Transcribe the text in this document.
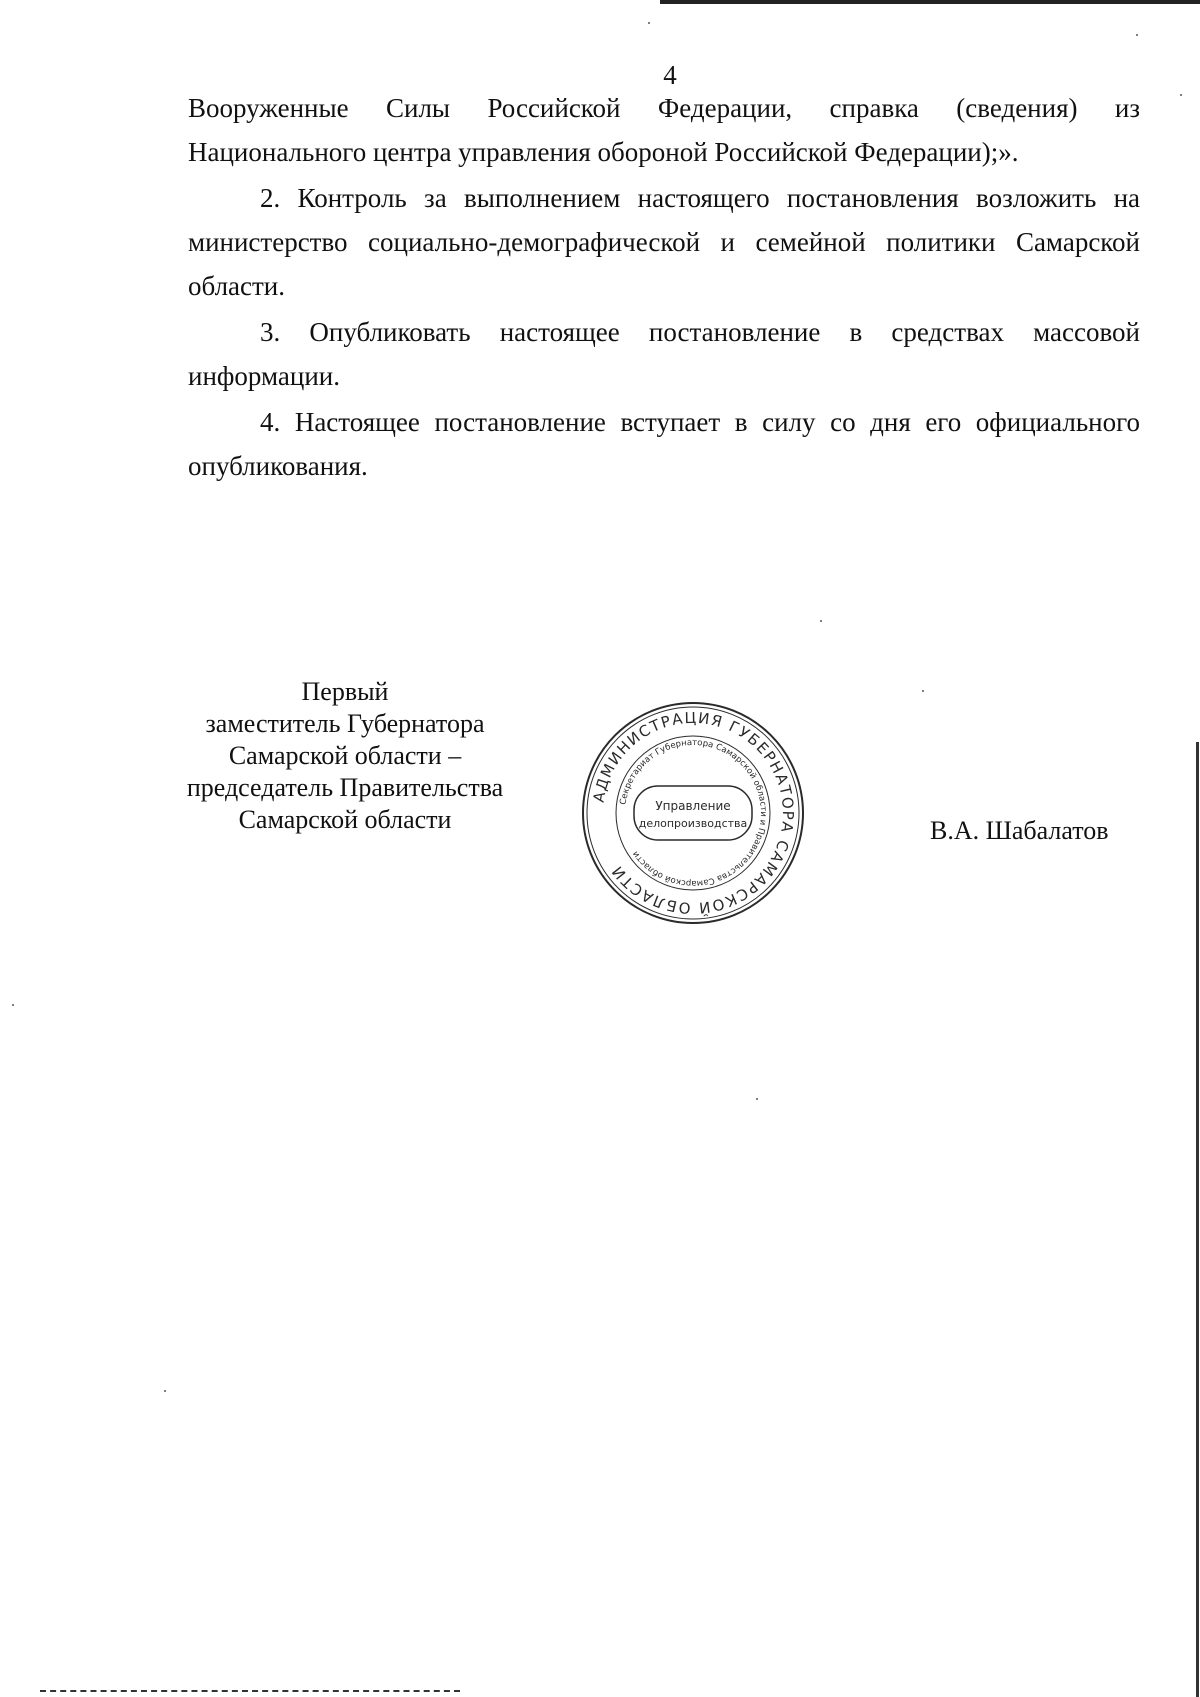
4

Вооруженные Силы Российской Федерации, справка (сведения) из Национального центра управления обороной Российской Федерации);».

2. Контроль за выполнением настоящего постановления возложить на министерство социально-демографической и семейной политики Самарской области.

3. Опубликовать настоящее постановление в средствах массовой информации.

4. Настоящее постановление вступает в силу со дня его официального опубликования.

Первый
заместитель Губернатора
Самарской области –
председатель Правительства
Самарской области
АДМИНИСТРАЦИЯ ГУБЕРНАТОРА САМАРСКОЙ ОБЛАСТИ
Секретариат Губернатора Самарской области и Правительства Самарской области
Управление
делопроизводства	В.А. Шабалатов
